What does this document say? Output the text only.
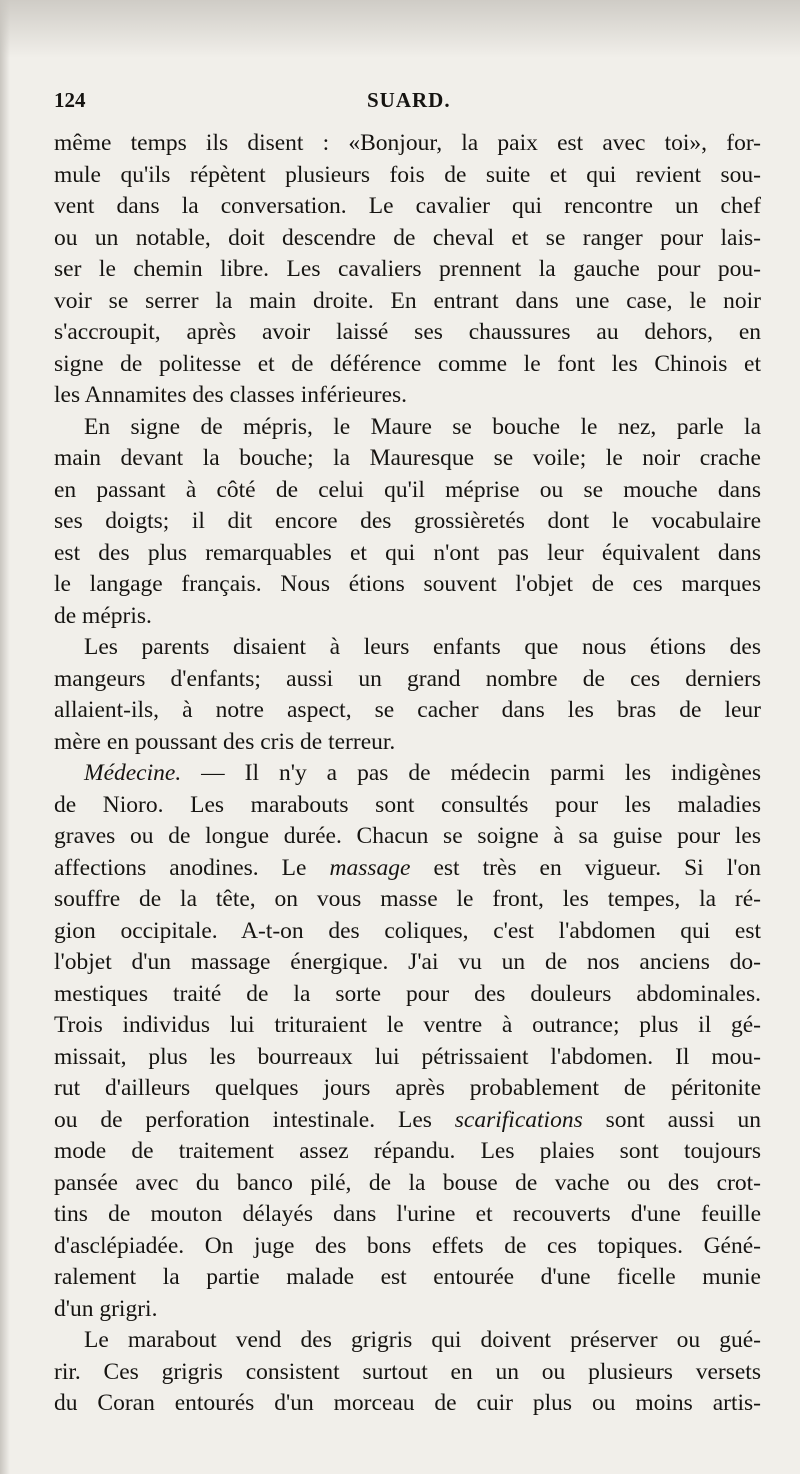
124	SUARD.
même temps ils disent : «Bonjour, la paix est avec toi», for-
mule qu'ils répètent plusieurs fois de suite et qui revient sou-
vent dans la conversation. Le cavalier qui rencontre un chef
ou un notable, doit descendre de cheval et se ranger pour lais-
ser le chemin libre. Les cavaliers prennent la gauche pour pou-
voir se serrer la main droite. En entrant dans une case, le noir
s'accroupit, après avoir laissé ses chaussures au dehors, en
signe de politesse et de déférence comme le font les Chinois et
les Annamites des classes inférieures.
En signe de mépris, le Maure se bouche le nez, parle la
main devant la bouche; la Mauresque se voile; le noir crache
en passant à côté de celui qu'il méprise ou se mouche dans
ses doigts; il dit encore des grossièretés dont le vocabulaire
est des plus remarquables et qui n'ont pas leur équivalent dans
le langage français. Nous étions souvent l'objet de ces marques
de mépris.
Les parents disaient à leurs enfants que nous étions des
mangeurs d'enfants; aussi un grand nombre de ces derniers
allaient-ils, à notre aspect, se cacher dans les bras de leur
mère en poussant des cris de terreur.
Médecine. — Il n'y a pas de médecin parmi les indigènes
de Nioro. Les marabouts sont consultés pour les maladies
graves ou de longue durée. Chacun se soigne à sa guise pour les
affections anodines. Le massage est très en vigueur. Si l'on
souffre de la tête, on vous masse le front, les tempes, la ré-
gion occipitale. A-t-on des coliques, c'est l'abdomen qui est
l'objet d'un massage énergique. J'ai vu un de nos anciens do-
mestiques traité de la sorte pour des douleurs abdominales.
Trois individus lui trituraient le ventre à outrance; plus il gé-
missait, plus les bourreaux lui pétrissaient l'abdomen. Il mou-
rut d'ailleurs quelques jours après probablement de péritonite
ou de perforation intestinale. Les scarifications sont aussi un
mode de traitement assez répandu. Les plaies sont toujours
pansée avec du banco pilé, de la bouse de vache ou des crot-
tins de mouton délayés dans l'urine et recouverts d'une feuille
d'asclépiadée. On juge des bons effets de ces topiques. Géné-
ralement la partie malade est entourée d'une ficelle munie
d'un grigri.
Le marabout vend des grigris qui doivent préserver ou gué-
rir. Ces grigris consistent surtout en un ou plusieurs versets
du Coran entourés d'un morceau de cuir plus ou moins artis-
